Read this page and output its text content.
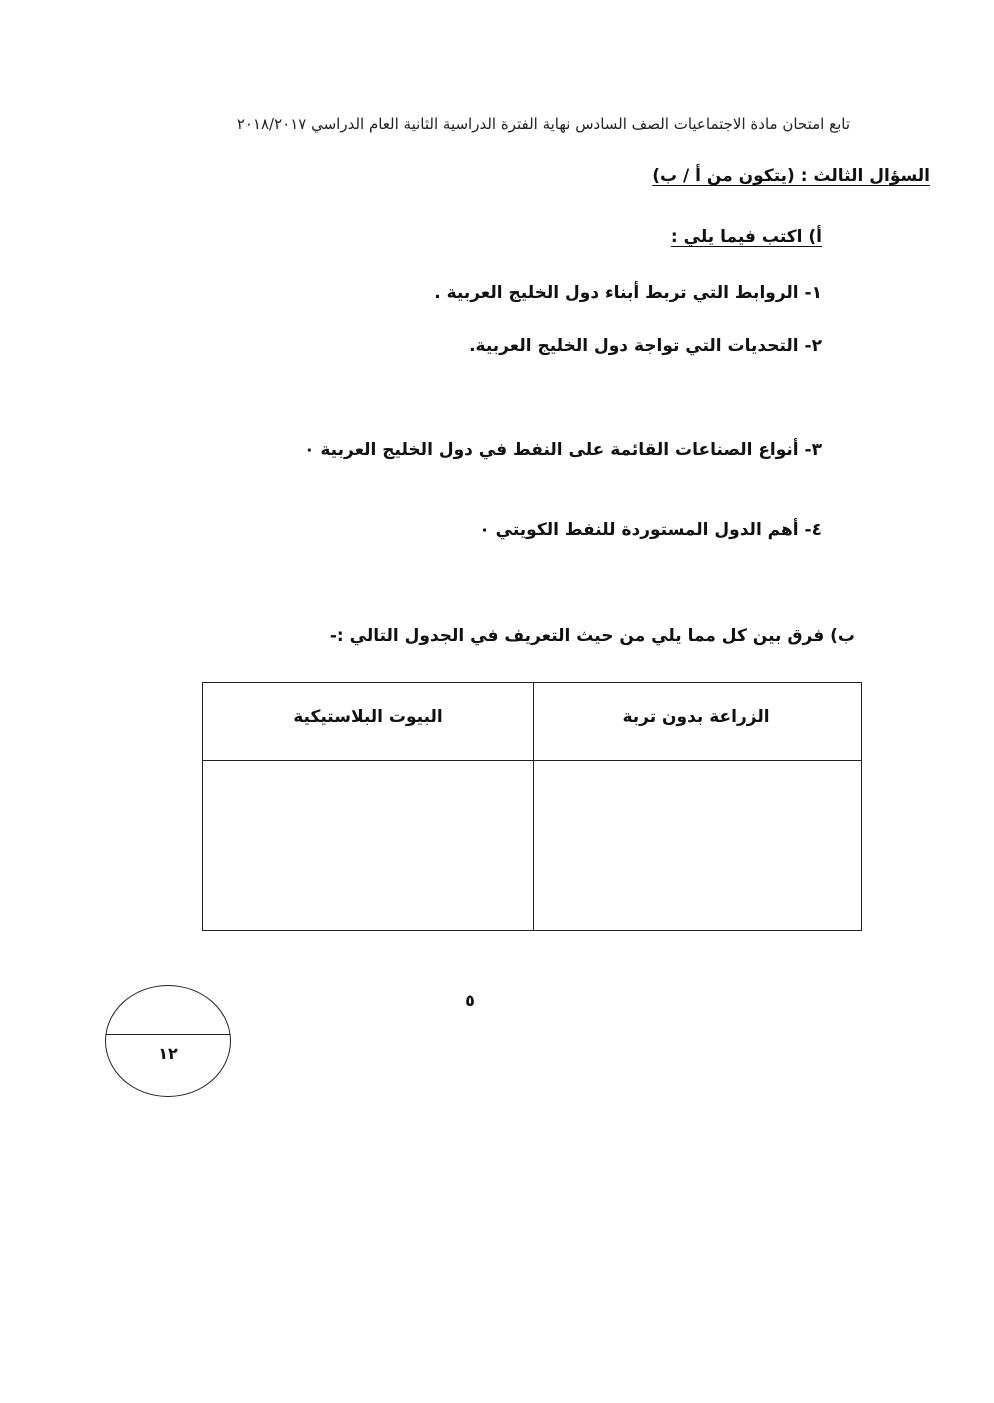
تابع امتحان مادة الاجتماعيات الصف السادس نهاية الفترة الدراسية الثانية العام الدراسي ٢٠١٨/٢٠١٧
السؤال الثالث : (يتكون من أ / ب)
أ) اكتب فيما يلي :
١- الروابط التي تربط أبناء دول الخليج العربية .
٢- التحديات التي تواجة دول الخليج العربية.
٣- أنواع الصناعات القائمة على النفط في دول الخليج العربية ٠
٤- أهم الدول المستوردة للنفط الكويتي ٠
ب) فرق بين كل مما يلي من حيث التعريف في الجدول التالي :-
الزراعة بدون تربة
البيوت البلاستيكية
٥
١٢
